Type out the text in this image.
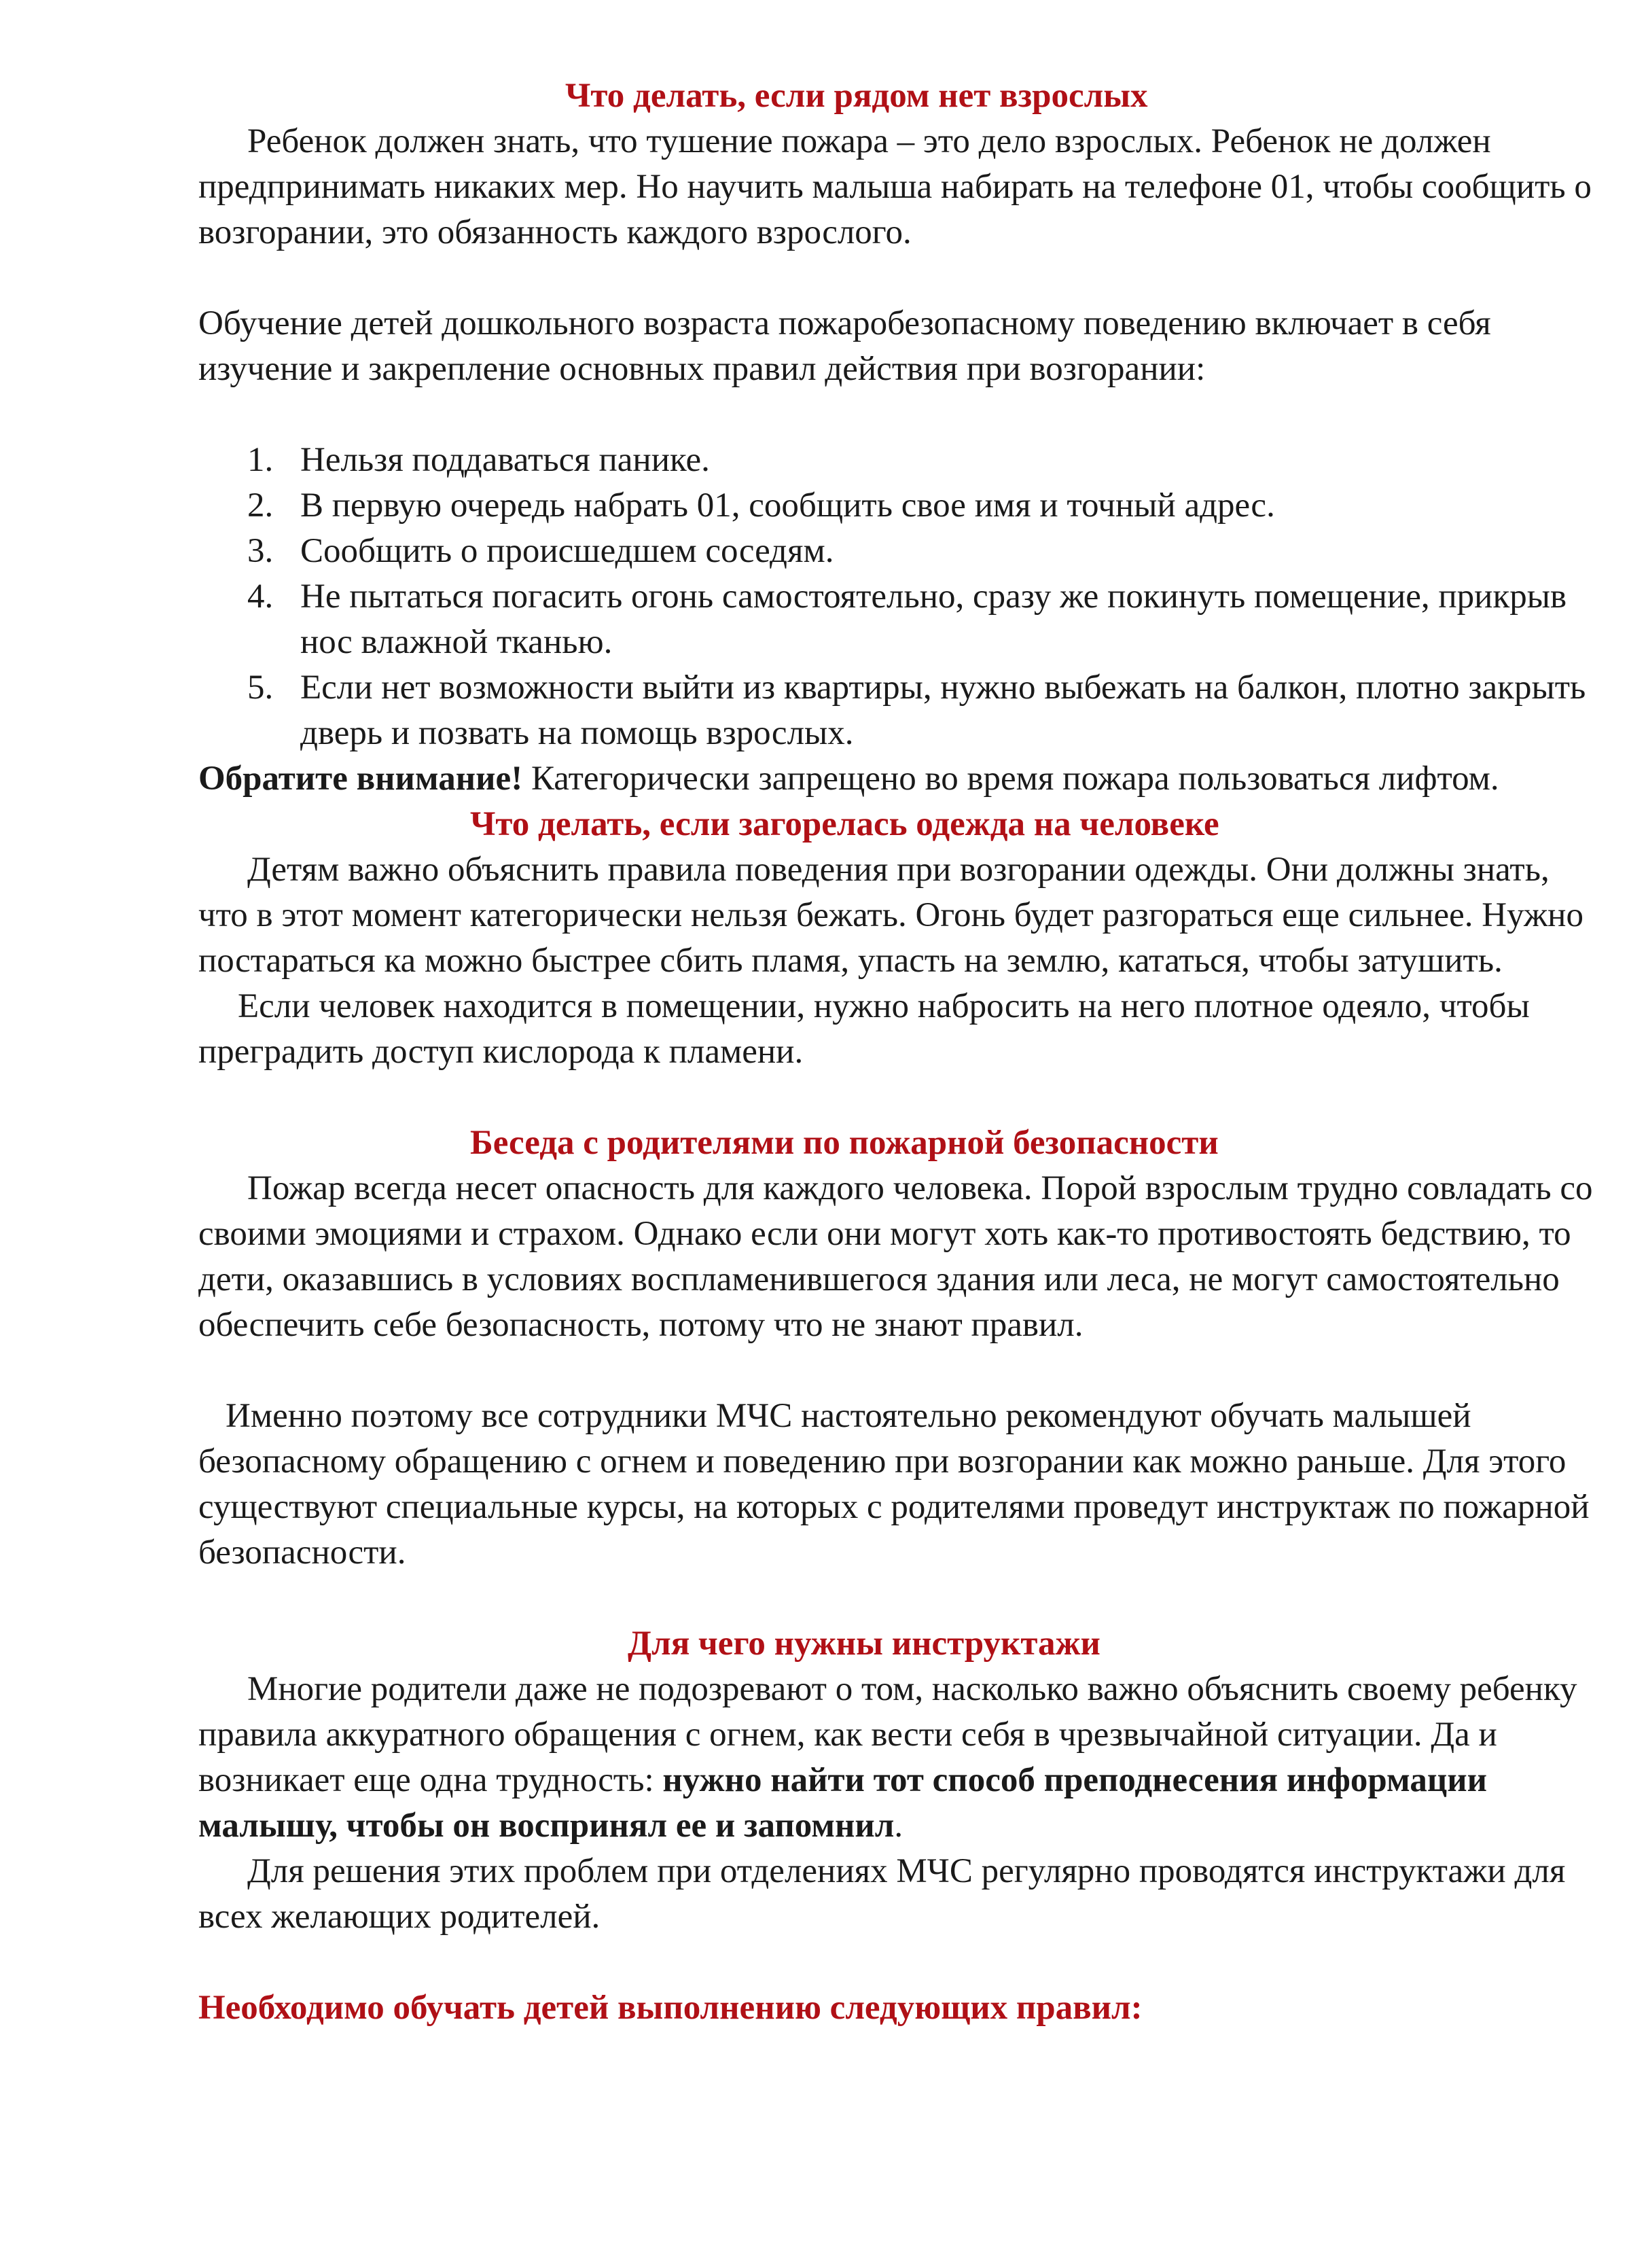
Что делать, если рядом нет взрослых

Ребенок должен знать, что тушение пожара – это дело взрослых. Ребенок не должен предпринимать никаких мер. Но научить малыша набирать на телефоне 01, чтобы сообщить о возгорании, это обязанность каждого взрослого.

Обучение детей дошкольного возраста пожаробезопасному поведению включает в себя изучение и закрепление основных правил действия при возгорании:

1. Нельзя поддаваться панике.
2. В первую очередь набрать 01, сообщить свое имя и точный адрес.
3. Сообщить о происшедшем соседям.
4. Не пытаться погасить огонь самостоятельно, сразу же покинуть помещение, прикрыв нос влажной тканью.
5. Если нет возможности выйти из квартиры, нужно выбежать на балкон, плотно закрыть дверь и позвать на помощь взрослых.

Обратите внимание! Категорически запрещено во время пожара пользоваться лифтом.

Что делать, если загорелась одежда на человеке

Детям важно объяснить правила поведения при возгорании одежды. Они должны знать, что в этот момент категорически нельзя бежать. Огонь будет разгораться еще сильнее. Нужно постараться ка можно быстрее сбить пламя, упасть на землю, кататься, чтобы затушить.

Если человек находится в помещении, нужно набросить на него плотное одеяло, чтобы преградить доступ кислорода к пламени.

Беседа с родителями по пожарной безопасности

Пожар всегда несет опасность для каждого человека. Порой взрослым трудно совладать со своими эмоциями и страхом. Однако если они могут хоть как-то противостоять бедствию, то дети, оказавшись в условиях воспламенившегося здания или леса, не могут самостоятельно обеспечить себе безопасность, потому что не знают правил.

Именно поэтому все сотрудники МЧС настоятельно рекомендуют обучать малышей безопасному обращению с огнем и поведению при возгорании как можно раньше. Для этого существуют специальные курсы, на которых с родителями проведут инструктаж по пожарной безопасности.

Для чего нужны инструктажи

Многие родители даже не подозревают о том, насколько важно объяснить своему ребенку правила аккуратного обращения с огнем, как вести себя в чрезвычайной ситуации. Да и возникает еще одна трудность: нужно найти тот способ преподнесения информации малышу, чтобы он воспринял ее и запомнил.

Для решения этих проблем при отделениях МЧС регулярно проводятся инструктажи для всех желающих родителей.

Необходимо обучать детей выполнению следующих правил:
